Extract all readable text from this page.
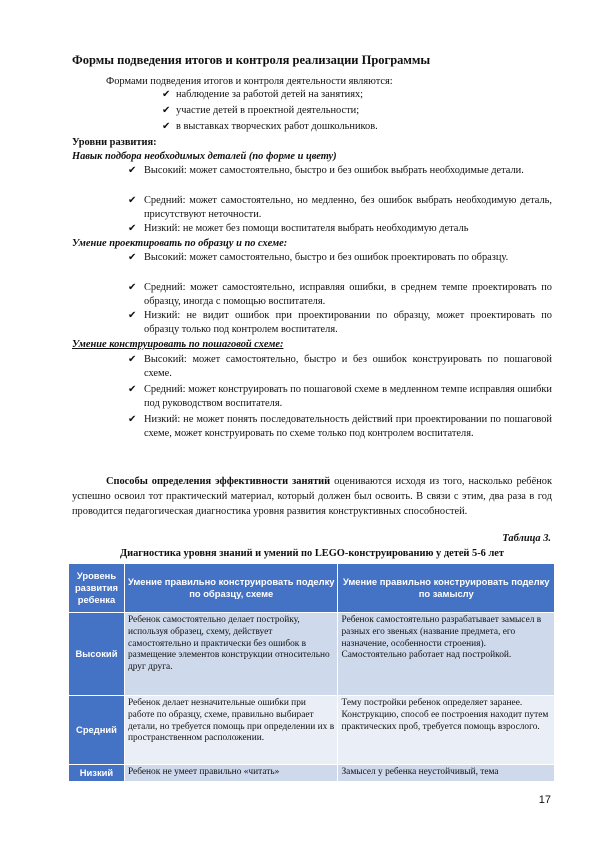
Формы подведения итогов и контроля реализации Программы
Формами подведения итогов и контроля деятельности являются:
✔ наблюдение за работой детей на занятиях;
✔ участие детей в проектной деятельности;
✔ в выставках творческих работ дошкольников.
Уровни развития:
Навык подбора необходимых деталей (по форме и цвету)
✔ Высокий: может самостоятельно, быстро и без ошибок выбрать необходимые детали.
✔ Средний: может самостоятельно, но медленно, без ошибок выбрать необходимую деталь, присутствуют неточности.
✔ Низкий: не может без помощи воспитателя выбрать необходимую деталь
Умение проектировать по образцу и по схеме:
✔ Высокий: может самостоятельно, быстро и без ошибок проектировать по образцу.
✔ Средний: может самостоятельно, исправляя ошибки, в среднем темпе проектировать по образцу, иногда с помощью воспитателя.
✔ Низкий: не видит ошибок при проектировании по образцу, может проектировать по образцу только под контролем воспитателя.
Умение конструировать по пошаговой схеме:
✔ Высокий: может самостоятельно, быстро и без ошибок конструировать по пошаговой схеме.
✔ Средний: может конструировать по пошаговой схеме в медленном темпе исправляя ошибки под руководством воспитателя.
✔ Низкий: не может понять последовательность действий при проектировании по пошаговой схеме, может конструировать по схеме только под контролем воспитателя.
Способы определения эффективности занятий оцениваются исходя из того, насколько ребёнок успешно освоил тот практический материал, который должен был освоить. В связи с этим, два раза в год проводится педагогическая диагностика уровня развития конструктивных способностей.
Таблица 3.
Диагностика уровня знаний и умений по LEGO-конструированию у детей 5-6 лет
Уровень развития ребенка	Умение правильно конструировать поделку по образцу, схеме	Умение правильно конструировать поделку по замыслу
Высокий	Ребенок самостоятельно делает постройку, используя образец, схему, действует самостоятельно и практически без ошибок в размещение элементов конструкции относительно друг друга.	Ребенок самостоятельно разрабатывает замысел в разных его звеньях (название предмета, его назначение, особенности строения). Самостоятельно работает над постройкой.
Средний	Ребенок делает незначительные ошибки при работе по образцу, схеме, правильно выбирает детали, но требуется помощь при определении их в пространственном расположении.	Тему постройки ребенок определяет заранее. Конструкцию, способ ее построения находит путем практических проб, требуется помощь взрослого.
Низкий	Ребенок не умеет правильно «читать»	Замысел у ребенка неустойчивый, тема
17
